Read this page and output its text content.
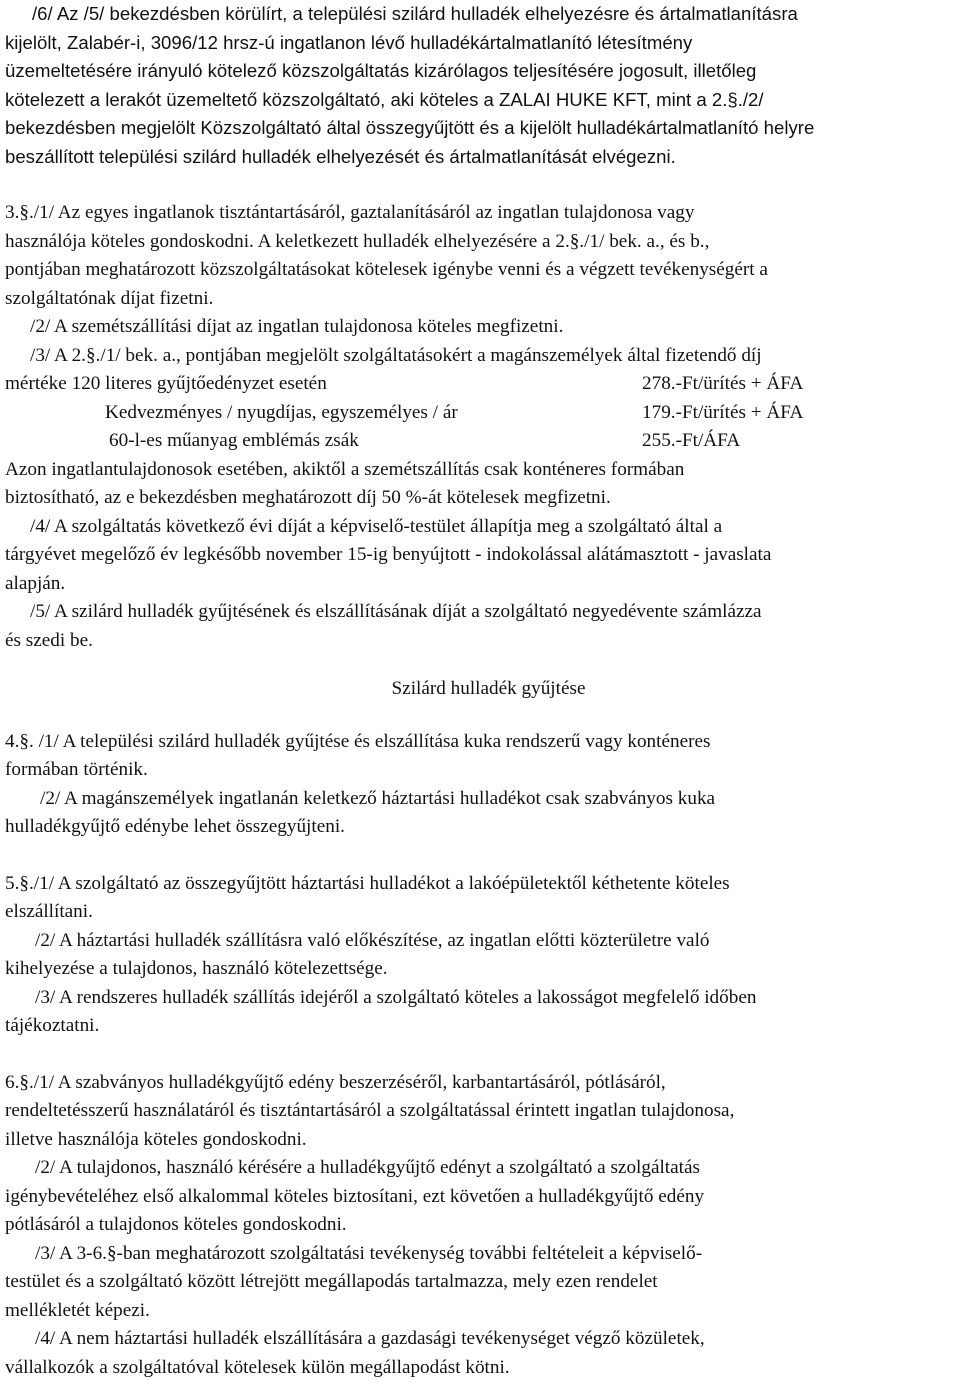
/6/ Az /5/ bekezdésben körülírt, a települési szilárd hulladék elhelyezésre és ártalmatlanításra
kijelölt, Zalabér-i, 3096/12 hrsz-ú ingatlanon lévő hulladékártalmatlanító létesítmény
üzemeltetésére irányuló kötelező közszolgáltatás kizárólagos teljesítésére jogosult, illetőleg
kötelezett a lerakót üzemeltető közszolgáltató, aki köteles a ZALAI HUKE KFT, mint a 2.§./2/
bekezdésben megjelölt Közszolgáltató által összegyűjtött és a kijelölt hulladékártalmatlanító helyre
beszállított települési szilárd hulladék elhelyezését és ártalmatlanítását elvégezni.
3.§./1/ Az egyes ingatlanok tisztántartásáról, gaztalanításáról az ingatlan tulajdonosa vagy
használója köteles gondoskodni. A keletkezett hulladék elhelyezésére a 2.§./1/ bek. a., és b.,
pontjában meghatározott közszolgáltatásokat kötelesek igénybe venni és a végzett tevékenységért a
szolgáltatónak díjat fizetni.
/2/ A szemétszállítási díjat az ingatlan tulajdonosa köteles megfizetni.
/3/ A 2.§./1/ bek. a., pontjában megjelölt szolgáltatásokért a magánszemélyek által fizetendő díj
mértéke 120 literes gyűjtőedényzet esetén	278.-Ft/ürítés + ÁFA
Kedvezményes / nyugdíjas, egyszemélyes / ár	179.-Ft/ürítés + ÁFA
60-l-es műanyag emblémás zsák	255.-Ft/ÁFA
Azon ingatlantulajdonosok esetében, akiktől a szemétszállítás csak konténeres formában
biztosítható, az e bekezdésben meghatározott díj 50 %-át kötelesek megfizetni.
/4/ A szolgáltatás következő évi díját a képviselő-testület állapítja meg a szolgáltató által a
tárgyévet megelőző év legkésőbb november 15-ig benyújtott - indokolással alátámasztott - javaslata
alapján.
/5/ A szilárd hulladék gyűjtésének és elszállításának díját a szolgáltató negyedévente számlázza
és szedi be.
Szilárd hulladék gyűjtése
4.§. /1/ A települési szilárd hulladék gyűjtése és elszállítása kuka rendszerű vagy konténeres
formában történik.
/2/ A magánszemélyek ingatlanán keletkező háztartási hulladékot csak szabványos kuka
hulladékgyűjtő edénybe lehet összegyűjteni.
5.§./1/ A szolgáltató az összegyűjtött háztartási hulladékot a lakóépületektől kéthetente köteles
elszállítani.
/2/ A háztartási hulladék szállításra való előkészítése, az ingatlan előtti közterületre való
kihelyezése a tulajdonos, használó kötelezettsége.
/3/ A rendszeres hulladék szállítás idejéről a szolgáltató köteles a lakosságot megfelelő időben
tájékoztatni.
6.§./1/ A szabványos hulladékgyűjtő edény beszerzéséről, karbantartásáról, pótlásáról,
rendeltetésszerű használatáról és tisztántartásáról a szolgáltatással érintett ingatlan tulajdonosa,
illetve használója köteles gondoskodni.
/2/ A tulajdonos, használó kérésére a hulladékgyűjtő edényt a szolgáltató a szolgáltatás
igénybevételéhez első alkalommal köteles biztosítani, ezt követően a hulladékgyűjtő edény
pótlásáról a tulajdonos köteles gondoskodni.
/3/ A 3-6.§-ban meghatározott szolgáltatási tevékenység további feltételeit a képviselő-
testület és a szolgáltató között létrejött megállapodás tartalmazza, mely ezen rendelet
mellékletét képezi.
/4/ A nem háztartási hulladék elszállítására a gazdasági tevékenységet végző közületek,
vállalkozók a szolgáltatóval kötelesek külön megállapodást kötni.
